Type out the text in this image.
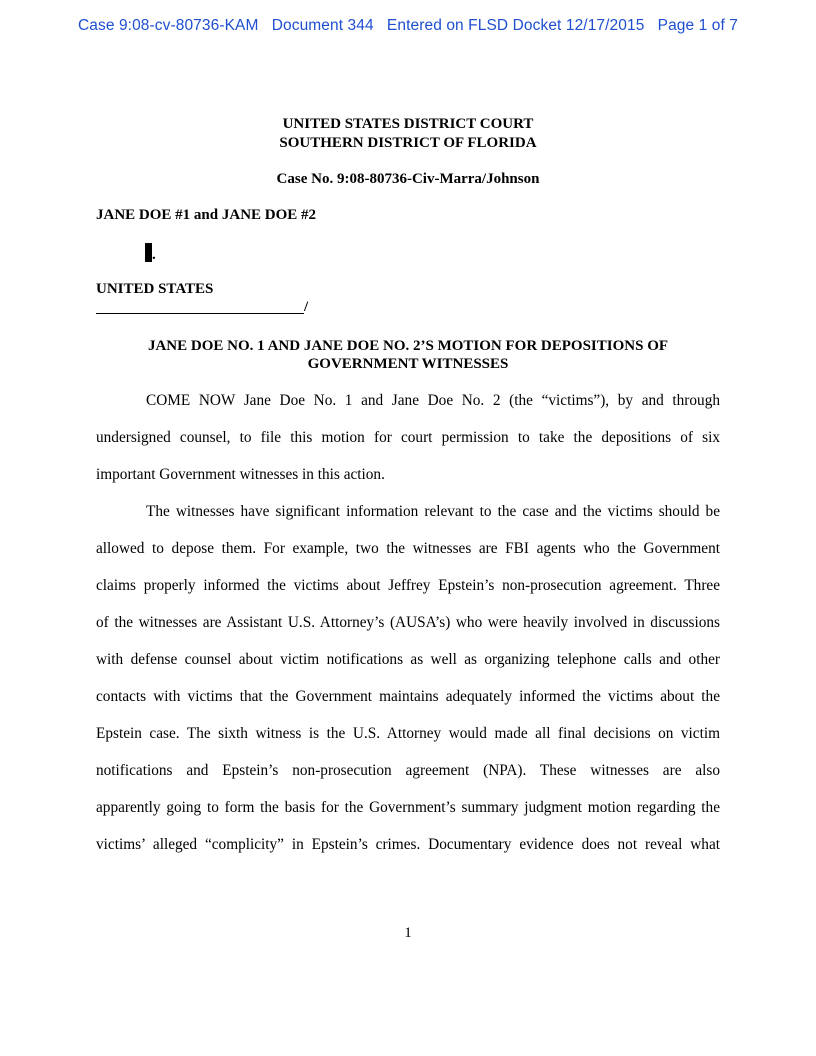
Case 9:08-cv-80736-KAM   Document 344   Entered on FLSD Docket 12/17/2015   Page 1 of 7
UNITED STATES DISTRICT COURT
SOUTHERN DISTRICT OF FLORIDA
Case No. 9:08-80736-Civ-Marra/Johnson
JANE DOE #1 and JANE DOE #2
.
UNITED STATES
/
JANE DOE NO. 1 AND JANE DOE NO. 2’S MOTION FOR DEPOSITIONS OF
GOVERNMENT WITNESSES
COME NOW Jane Doe No. 1 and Jane Doe No. 2 (the “victims”), by and through
undersigned counsel, to file this motion for court permission to take the depositions of six
important Government witnesses in this action.
The witnesses have significant information relevant to the case and the victims should be
allowed to depose them. For example, two the witnesses are FBI agents who the Government
claims properly informed the victims about Jeffrey Epstein’s non-prosecution agreement. Three
of the witnesses are Assistant U.S. Attorney’s (AUSA’s) who were heavily involved in discussions
with defense counsel about victim notifications as well as organizing telephone calls and other
contacts with victims that the Government maintains adequately informed the victims about the
Epstein case. The sixth witness is the U.S. Attorney would made all final decisions on victim
notifications and Epstein’s non-prosecution agreement (NPA). These witnesses are also
apparently going to form the basis for the Government’s summary judgment motion regarding the
victims’ alleged “complicity” in Epstein’s crimes. Documentary evidence does not reveal what
1
